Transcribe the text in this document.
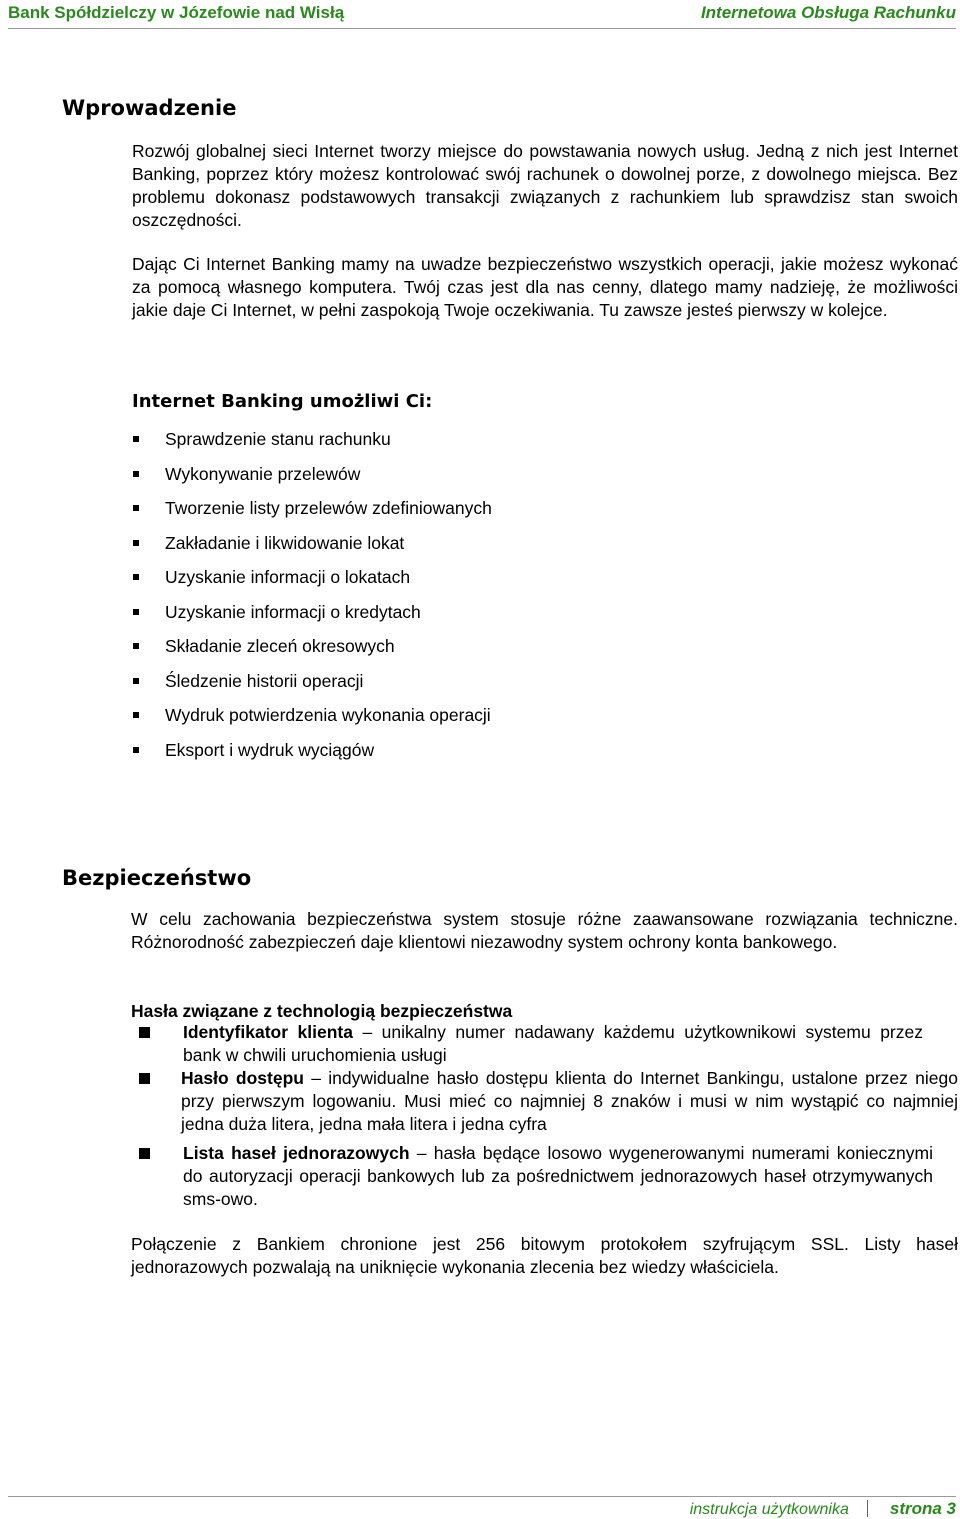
Bank Spółdzielczy w Józefowie nad Wisłą	Internetowa Obsługa Rachunku
Wprowadzenie

Rozwój globalnej sieci Internet tworzy miejsce do powstawania nowych usług. Jedną z nich jest Internet Banking, poprzez który możesz kontrolować swój rachunek o dowolnej porze, z dowolnego miejsca. Bez problemu dokonasz podstawowych transakcji związanych z rachunkiem lub sprawdzisz stan swoich oszczędności.

Dając Ci Internet Banking mamy na uwadze bezpieczeństwo wszystkich operacji, jakie możesz wykonać za pomocą własnego komputera. Twój czas jest dla nas cenny, dlatego mamy nadzieję, że możliwości jakie daje Ci Internet, w pełni zaspokoją Twoje oczekiwania. Tu zawsze jesteś pierwszy w kolejce.

Internet Banking umożliwi Ci:
Sprawdzenie stanu rachunku
Wykonywanie przelewów
Tworzenie listy przelewów zdefiniowanych
Zakładanie i likwidowanie lokat
Uzyskanie informacji o lokatach
Uzyskanie informacji o kredytach
Składanie zleceń okresowych
Śledzenie historii operacji
Wydruk potwierdzenia wykonania operacji
Eksport i wydruk wyciągów
Bezpieczeństwo

W celu zachowania bezpieczeństwa system stosuje różne zaawansowane rozwiązania techniczne. Różnorodność zabezpieczeń daje klientowi niezawodny system ochrony konta bankowego.

Hasła związane z technologią bezpieczeństwa

Identyfikator klienta – unikalny numer nadawany każdemu użytkownikowi systemu przez bank w chwili uruchomienia usługi
Hasło dostępu – indywidualne hasło dostępu klienta do Internet Bankingu, ustalone przez niego przy pierwszym logowaniu. Musi mieć co najmniej 8 znaków i musi w nim wystąpić co najmniej jedna duża litera, jedna mała litera i jedna cyfra
Lista haseł jednorazowych – hasła będące losowo wygenerowanymi numerami koniecznymi do autoryzacji operacji bankowych lub za pośrednictwem jednorazowych haseł otrzymywanych sms-owo.

Połączenie z Bankiem chronione jest 256 bitowym protokołem szyfrującym SSL. Listy haseł jednorazowych pozwalają na uniknięcie wykonania zlecenia bez wiedzy właściciela.

instrukcja użytkownika strona 3
